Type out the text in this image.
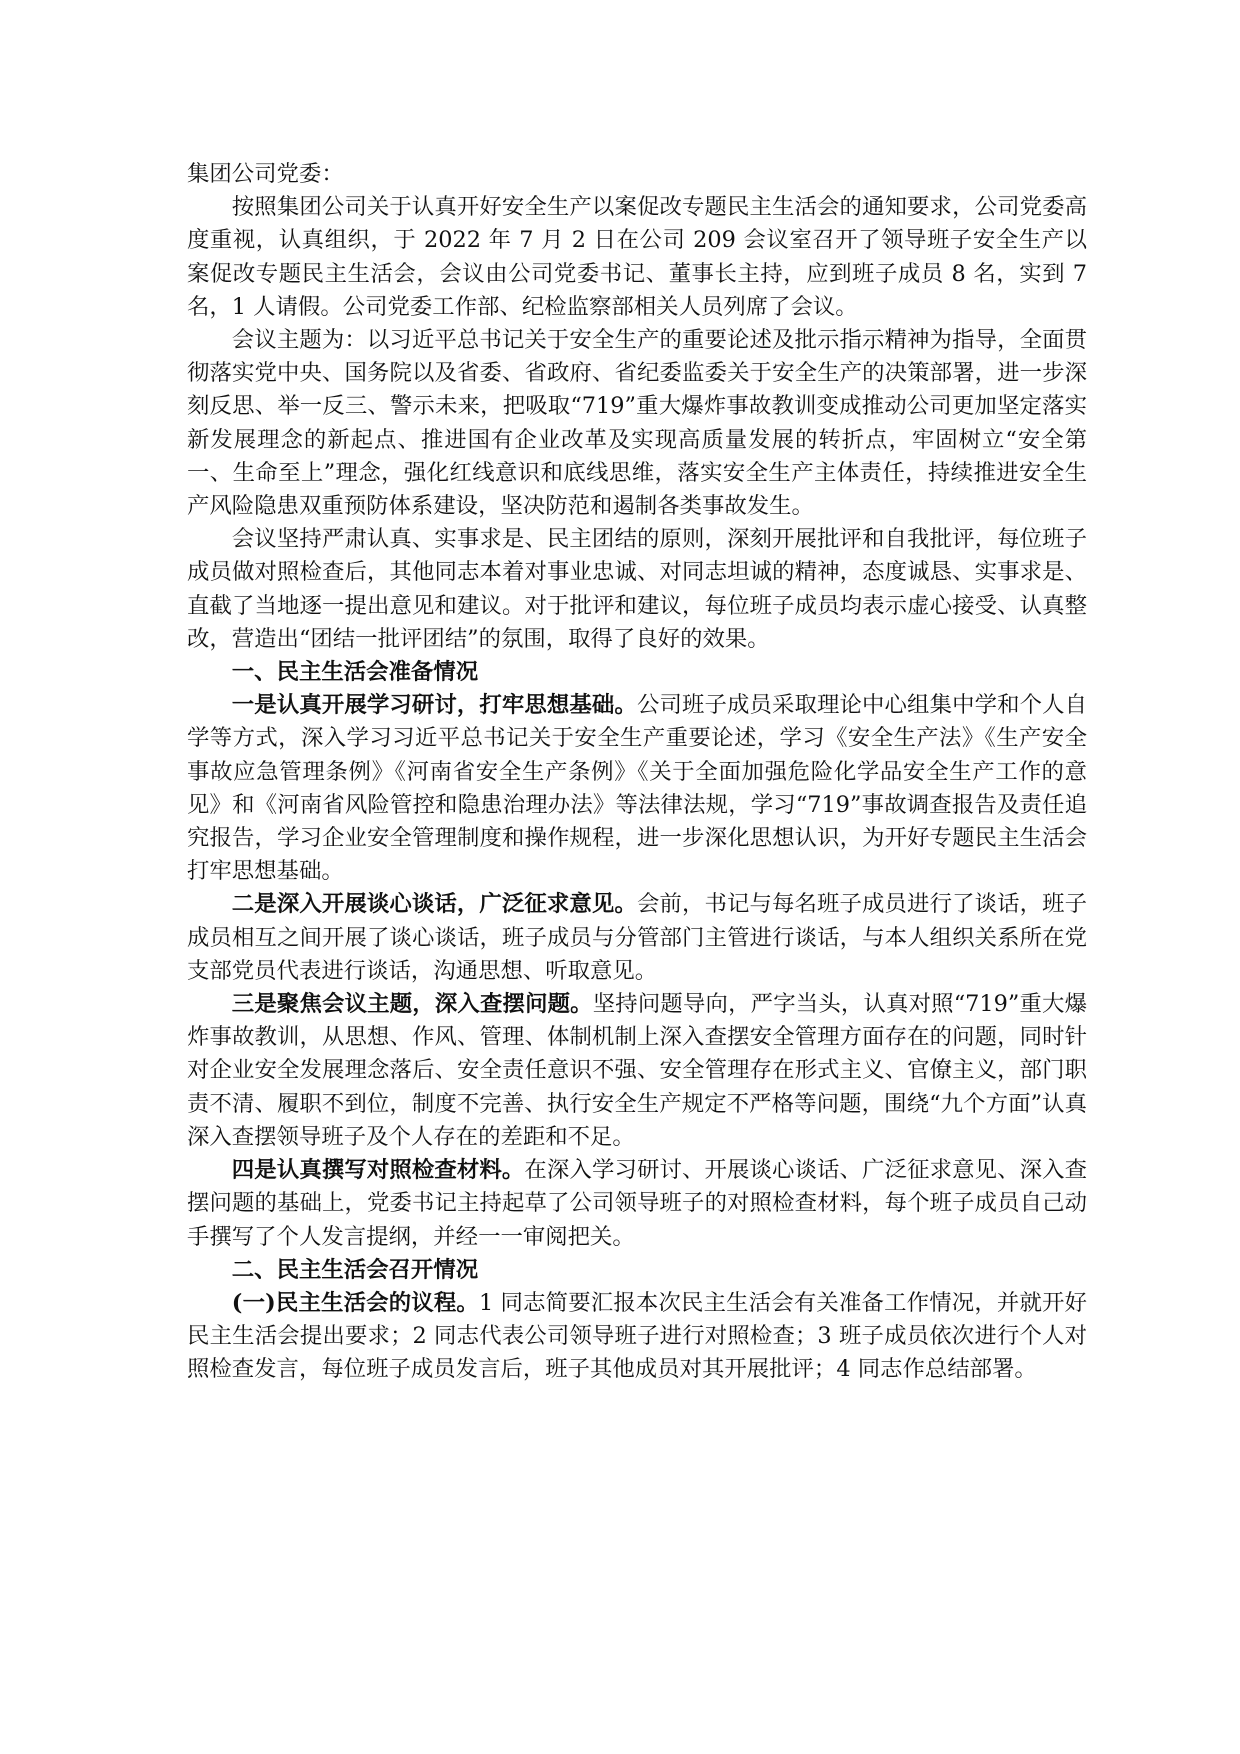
集团公司党委：

按照集团公司关于认真开好安全生产以案促改专题民主生活会的通知要求，公司党委高度重视，认真组织，于 2022 年 7 月 2 日在公司 209 会议室召开了领导班子安全生产以案促改专题民主生活会，会议由公司党委书记、董事长主持，应到班子成员 8 名，实到 7 名，1 人请假。公司党委工作部、纪检监察部相关人员列席了会议。

会议主题为：以习近平总书记关于安全生产的重要论述及批示指示精神为指导，全面贯彻落实党中央、国务院以及省委、省政府、省纪委监委关于安全生产的决策部署，进一步深刻反思、举一反三、警示未来，把吸取“719”重大爆炸事故教训变成推动公司更加坚定落实新发展理念的新起点、推进国有企业改革及实现高质量发展的转折点，牢固树立“安全第一、生命至上”理念，强化红线意识和底线思维，落实安全生产主体责任，持续推进安全生产风险隐患双重预防体系建设，坚决防范和遏制各类事故发生。

会议坚持严肃认真、实事求是、民主团结的原则，深刻开展批评和自我批评，每位班子成员做对照检查后，其他同志本着对事业忠诚、对同志坦诚的精神，态度诚恳、实事求是、直截了当地逐一提出意见和建议。对于批评和建议，每位班子成员均表示虚心接受、认真整改，营造出“团结一批评团结”的氛围，取得了良好的效果。

一、民主生活会准备情况

一是认真开展学习研讨，打牢思想基础。公司班子成员采取理论中心组集中学和个人自学等方式，深入学习习近平总书记关于安全生产重要论述，学习《安全生产法》《生产安全事故应急管理条例》《河南省安全生产条例》《关于全面加强危险化学品安全生产工作的意见》和《河南省风险管控和隐患治理办法》等法律法规，学习“719”事故调查报告及责任追究报告，学习企业安全管理制度和操作规程，进一步深化思想认识，为开好专题民主生活会打牢思想基础。

二是深入开展谈心谈话，广泛征求意见。会前，书记与每名班子成员进行了谈话，班子成员相互之间开展了谈心谈话，班子成员与分管部门主管进行谈话，与本人组织关系所在党支部党员代表进行谈话，沟通思想、听取意见。

三是聚焦会议主题，深入查摆问题。坚持问题导向，严字当头，认真对照“719”重大爆炸事故教训，从思想、作风、管理、体制机制上深入查摆安全管理方面存在的问题，同时针对企业安全发展理念落后、安全责任意识不强、安全管理存在形式主义、官僚主义，部门职责不清、履职不到位，制度不完善、执行安全生产规定不严格等问题，围绕“九个方面”认真深入查摆领导班子及个人存在的差距和不足。

四是认真撰写对照检查材料。在深入学习研讨、开展谈心谈话、广泛征求意见、深入查摆问题的基础上，党委书记主持起草了公司领导班子的对照检查材料，每个班子成员自己动手撰写了个人发言提纲，并经一一审阅把关。

二、民主生活会召开情况

(一)民主生活会的议程。1 同志简要汇报本次民主生活会有关准备工作情况，并就开好民主生活会提出要求；2 同志代表公司领导班子进行对照检查；3 班子成员依次进行个人对照检查发言，每位班子成员发言后，班子其他成员对其开展批评；4 同志作总结部署。
